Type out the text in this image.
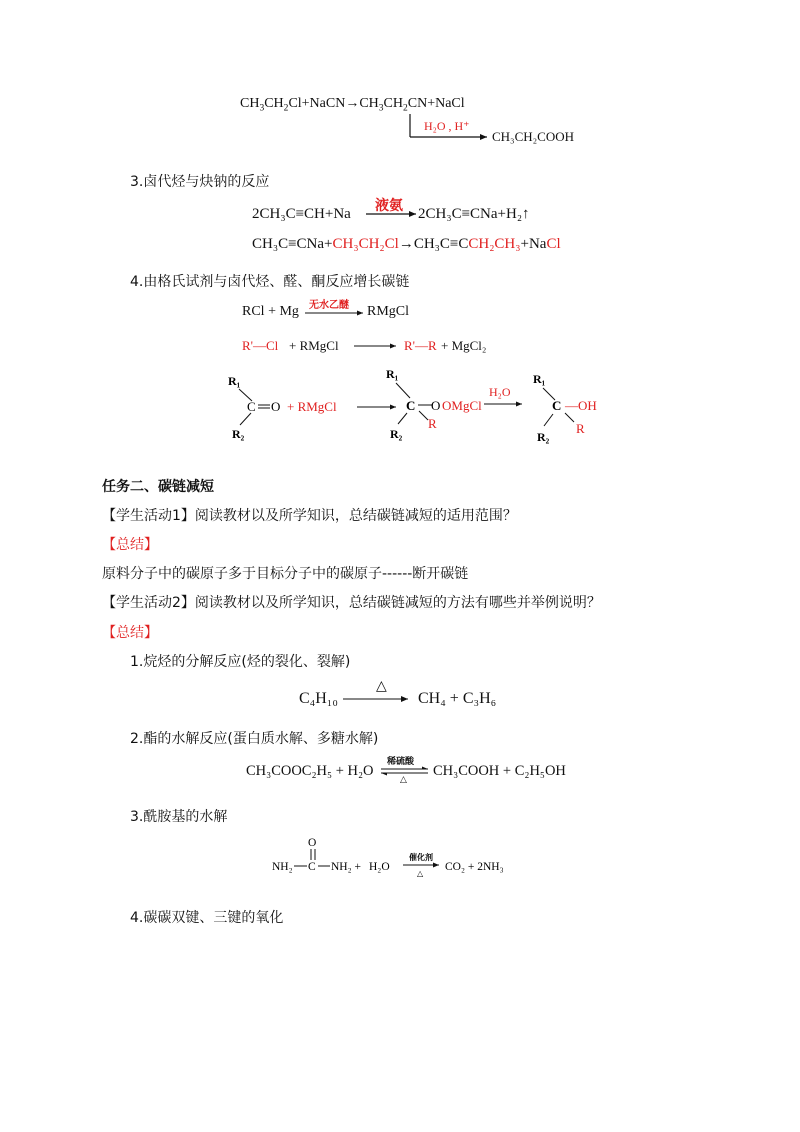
$CH_3CH_2Cl+NaCN\to CH_3CH_2CN+NaCl$
H₂O , H⁺
CH₃CH₂COOH
3.卤代烃与炔钠的反应
2CH₃C≡CH+Na 液氨 2CH₃C≡CNa+H₂↑
CH₃C≡CNa+CH₃CH₂Cl→CH₃C≡CCH₂CH₃+NaCl
4.由格氏试剂与卤代烃、醛、酮反应增长碳链
RCl + Mg 无水乙醚 RMgCl
R'—Cl + RMgCl	R'—R + MgCl₂
R₁
C O
R₂
+ RMgCl
R₁
C O OMgCl
R
R₂
H₂O
R₁
C —OH
R
R₂
任务二、碳链减短
【学生活动1】阅读教材以及所学知识，总结碳链减短的适用范围？
【总结】
原料分子中的碳原子多于目标分子中的碳原子------断开碳链
【学生活动2】阅读教材以及所学知识，总结碳链减短的方法有哪些并举例说明？
【总结】
1.烷烃的分解反应(烃的裂化、裂解)
C₄H₁₀
△
CH₄ + C₃H₆
2.酯的水解反应(蛋白质水解、多糖水解)
CH₃COOC₂H₅ + H₂O
稀硫酸
△
CH₃COOH + C₂H₅OH
3.酰胺基的水解
NH₂ C
O
NH₂ + H₂O
催化剂
△
CO₂ + 2NH₃
4.碳碳双键、三键的氧化
